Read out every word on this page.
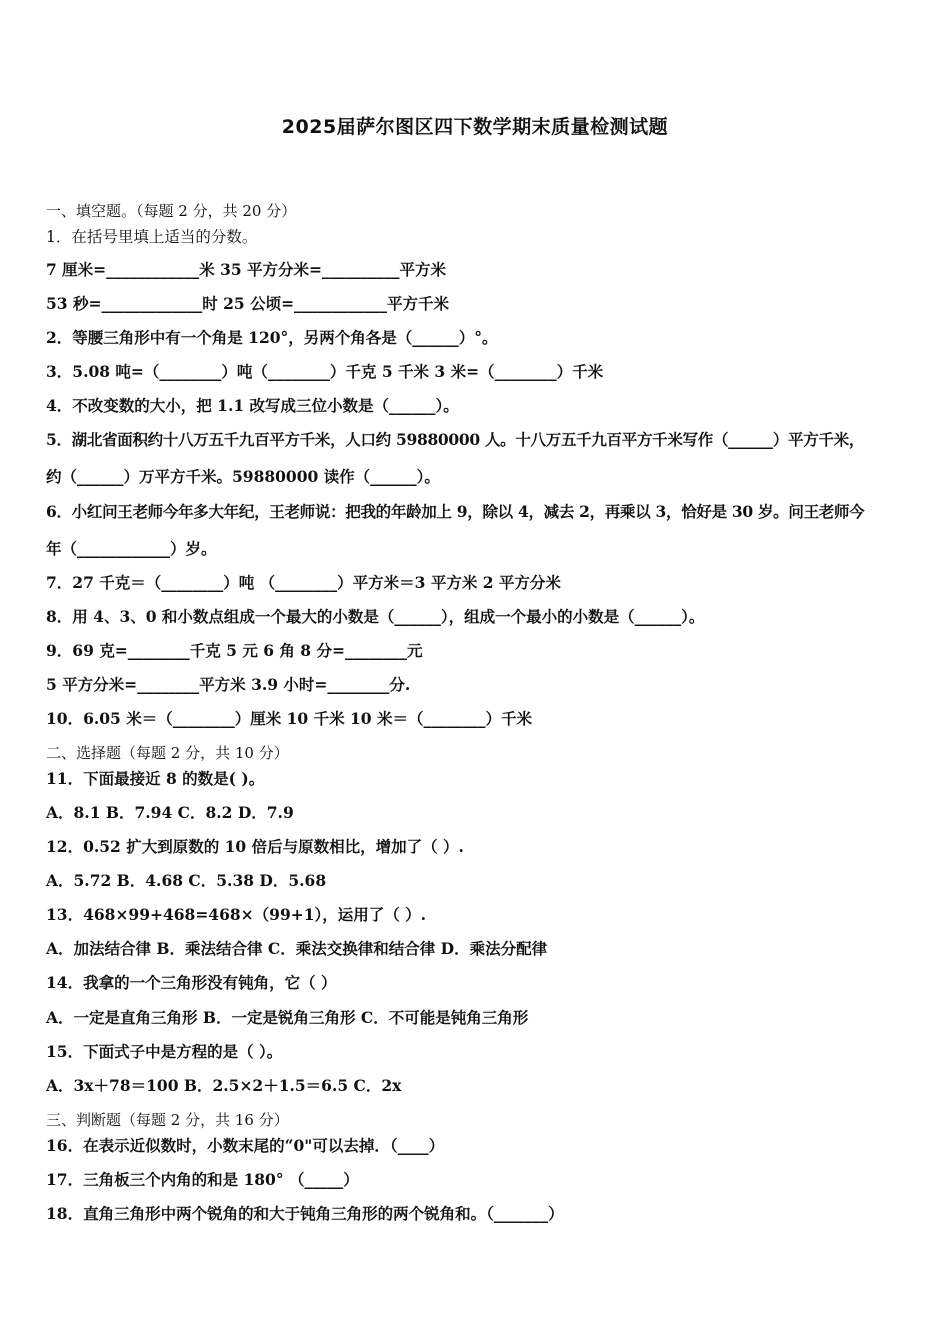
2025届萨尔图区四下数学期末质量检测试题
一、填空题。（每题 2 分，共 20 分）
1．在括号里填上适当的分数。
7 厘米=____________米 35 平方分米=__________平方米
53 秒=_____________时 25 公顷=____________平方千米
2．等腰三角形中有一个角是 120°，另两个角各是（______）°。
3．5.08 吨=（________）吨（________）千克 5 千米 3 米=（________）千米
4．不改变数的大小，把 1.1 改写成三位小数是（______）。
5．湖北省面积约十八万五千九百平方千米，人口约 59880000 人。十八万五千九百平方千米写作（______）平方千米，
约（______）万平方千米。59880000 读作（______）。
6．小红问王老师今年多大年纪，王老师说：把我的年龄加上 9，除以 4，减去 2，再乘以 3，恰好是 30 岁。问王老师今
年（____________）岁。
7．27 千克＝（________）吨 （________）平方米＝3 平方米 2 平方分米
8．用 4、3、0 和小数点组成一个最大的小数是（______），组成一个最小的小数是（______）。
9．69 克=________千克 5 元 6 角 8 分=________元
5 平方分米=________平方米 3.9 小时=________分.
10．6.05 米＝（________）厘米 10 千米 10 米＝（________）千米
二、选择题（每题 2 分，共 10 分）
11．下面最接近 8 的数是( )。
A．8.1 B．7.94 C．8.2 D．7.9
12．0.52 扩大到原数的 10 倍后与原数相比，增加了（ ）.
A．5.72 B．4.68 C．5.38 D．5.68
13．468×99+468=468×（99+1），运用了（ ）.
A．加法结合律 B．乘法结合律 C．乘法交换律和结合律 D．乘法分配律
14．我拿的一个三角形没有钝角，它（ ）
A．一定是直角三角形 B．一定是锐角三角形 C．不可能是钝角三角形
15．下面式子中是方程的是（ ）。
A．3x＋78＝100 B．2.5×2＋1.5＝6.5 C．2x
三、判断题（每题 2 分，共 16 分）
16．在表示近似数时，小数末尾的“0"可以去掉．（____）
17．三角板三个内角的和是 180° （_____）
18．直角三角形中两个锐角的和大于钝角三角形的两个锐角和。（_______）
